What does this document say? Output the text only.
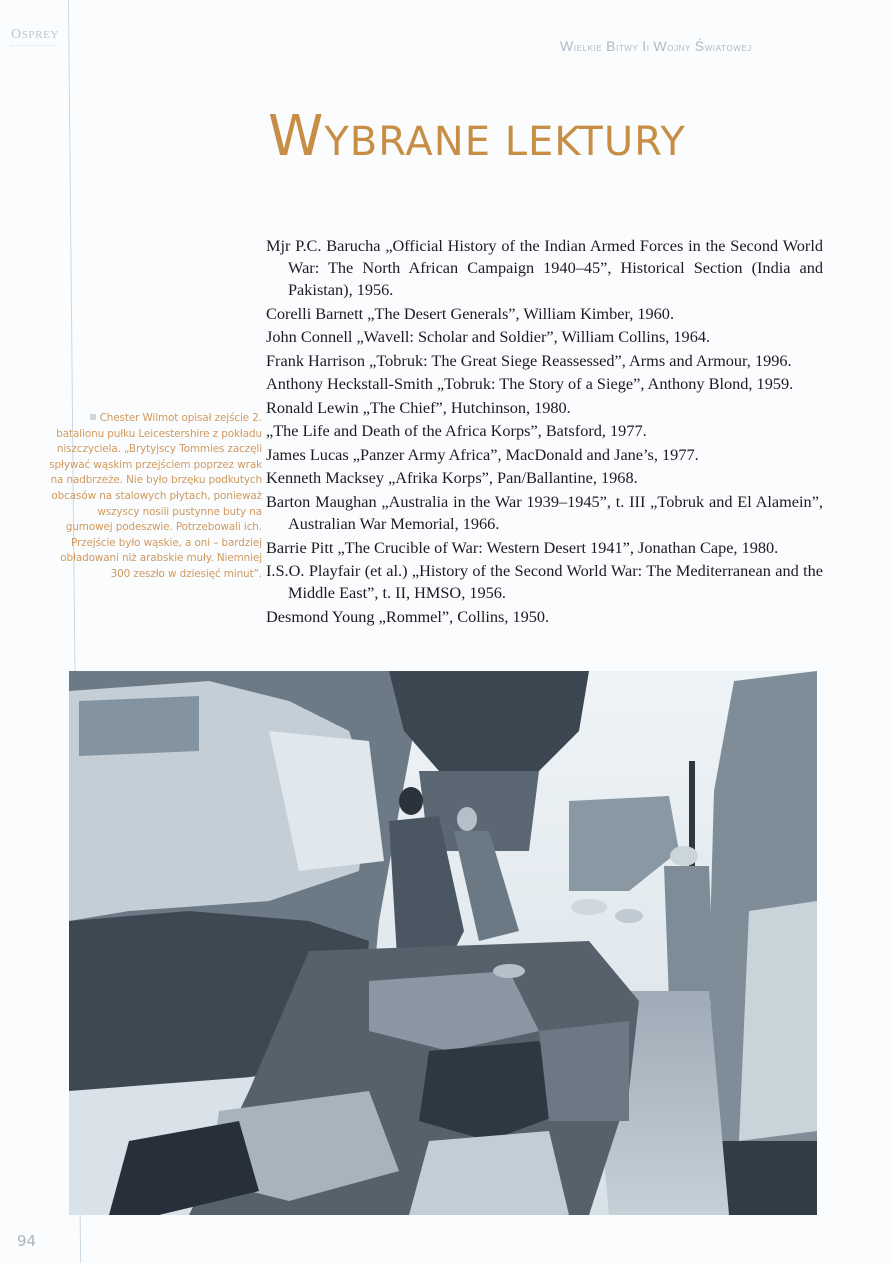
OSPREY
Wielkie Bitwy Ii Wojny Światowej
WYBRANE LEKTURY
Mjr P.C. Barucha „Official History of the Indian Armed Forces in the Second World War: The North African Campaign 1940–45”, Historical Section (India and Pakistan), 1956.
Corelli Barnett „The Desert Generals”, William Kimber, 1960.
John Connell „Wavell: Scholar and Soldier”, William Collins, 1964.
Frank Harrison „Tobruk: The Great Siege Reassessed”, Arms and Armour, 1996.
Anthony Heckstall-Smith „Tobruk: The Story of a Siege”, Anthony Blond, 1959.
Ronald Lewin „The Chief”, Hutchinson, 1980.
„The Life and Death of the Africa Korps”, Batsford, 1977.
James Lucas „Panzer Army Africa”, MacDonald and Jane’s, 1977.
Kenneth Macksey „Afrika Korps”, Pan/Ballantine, 1968.
Barton Maughan „Australia in the War 1939–1945”, t. III „Tobruk and El Alamein”, Australian War Memorial, 1966.
Barrie Pitt „The Crucible of War: Western Desert 1941”, Jonathan Cape, 1980.
I.S.O. Playfair (et al.) „History of the Second World War: The Mediterranean and the Middle East”, t. II, HMSO, 1956.
Desmond Young „Rommel”, Collins, 1950.
Chester Wilmot opisał zejście 2. batalionu pułku Leicestershire z pokładu niszczyciela. „Brytyjscy Tommies zaczęli spływać wąskim przejściem poprzez wrak na nadbrzeże. Nie było brzęku podkutych obcasów na stalowych płytach, ponieważ wszyscy nosili pustynne buty na gumowej podeszwie. Potrzebowali ich. Przejście było wąskie, a oni – bardziej obładowani niż arabskie muły. Niemniej 300 zeszło w dziesięć minut”.
94
